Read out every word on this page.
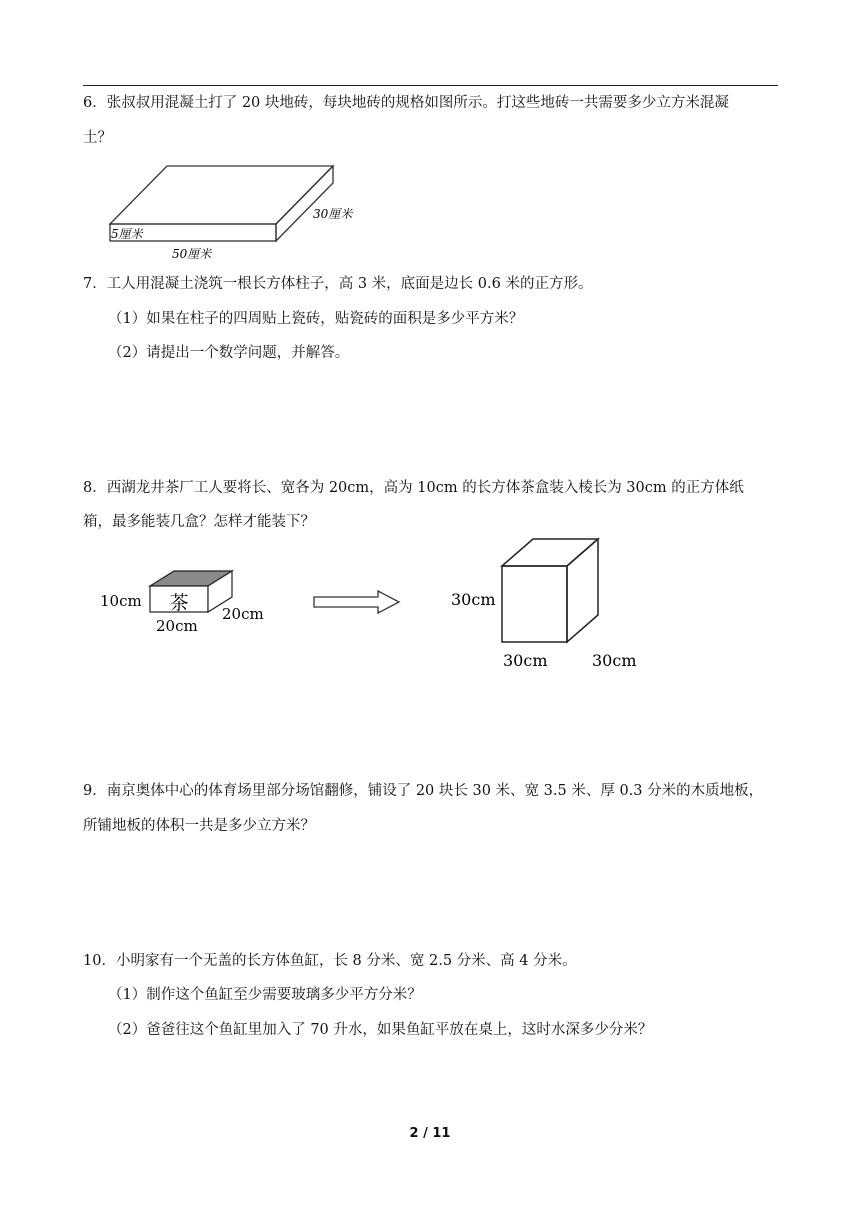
6．张叔叔用混凝土打了 20 块地砖，每块地砖的规格如图所示。打这些地砖一共需要多少立方米混凝
土？
5厘米
50厘米
30厘米
7．工人用混凝土浇筑一根长方体柱子，高 3 米，底面是边长 0.6 米的正方形。
（1）如果在柱子的四周贴上瓷砖，贴瓷砖的面积是多少平方米？
（2）请提出一个数学问题，并解答。
8．西湖龙井茶厂工人要将长、宽各为 20cm，高为 10cm 的长方体茶盒装入棱长为 30cm 的正方体纸
箱，最多能装几盒？怎样才能装下？
茶
10cm
20cm
20cm
30cm
30cm	30cm
9．南京奥体中心的体育场里部分场馆翻修，铺设了 20 块长 30 米、宽 3.5 米、厚 0.3 分米的木质地板，
所铺地板的体积一共是多少立方米？
10．小明家有一个无盖的长方体鱼缸，长 8 分米、宽 2.5 分米、高 4 分米。
（1）制作这个鱼缸至少需要玻璃多少平方分米？
（2）爸爸往这个鱼缸里加入了 70 升水，如果鱼缸平放在桌上，这时水深多少分米？
2 / 11
